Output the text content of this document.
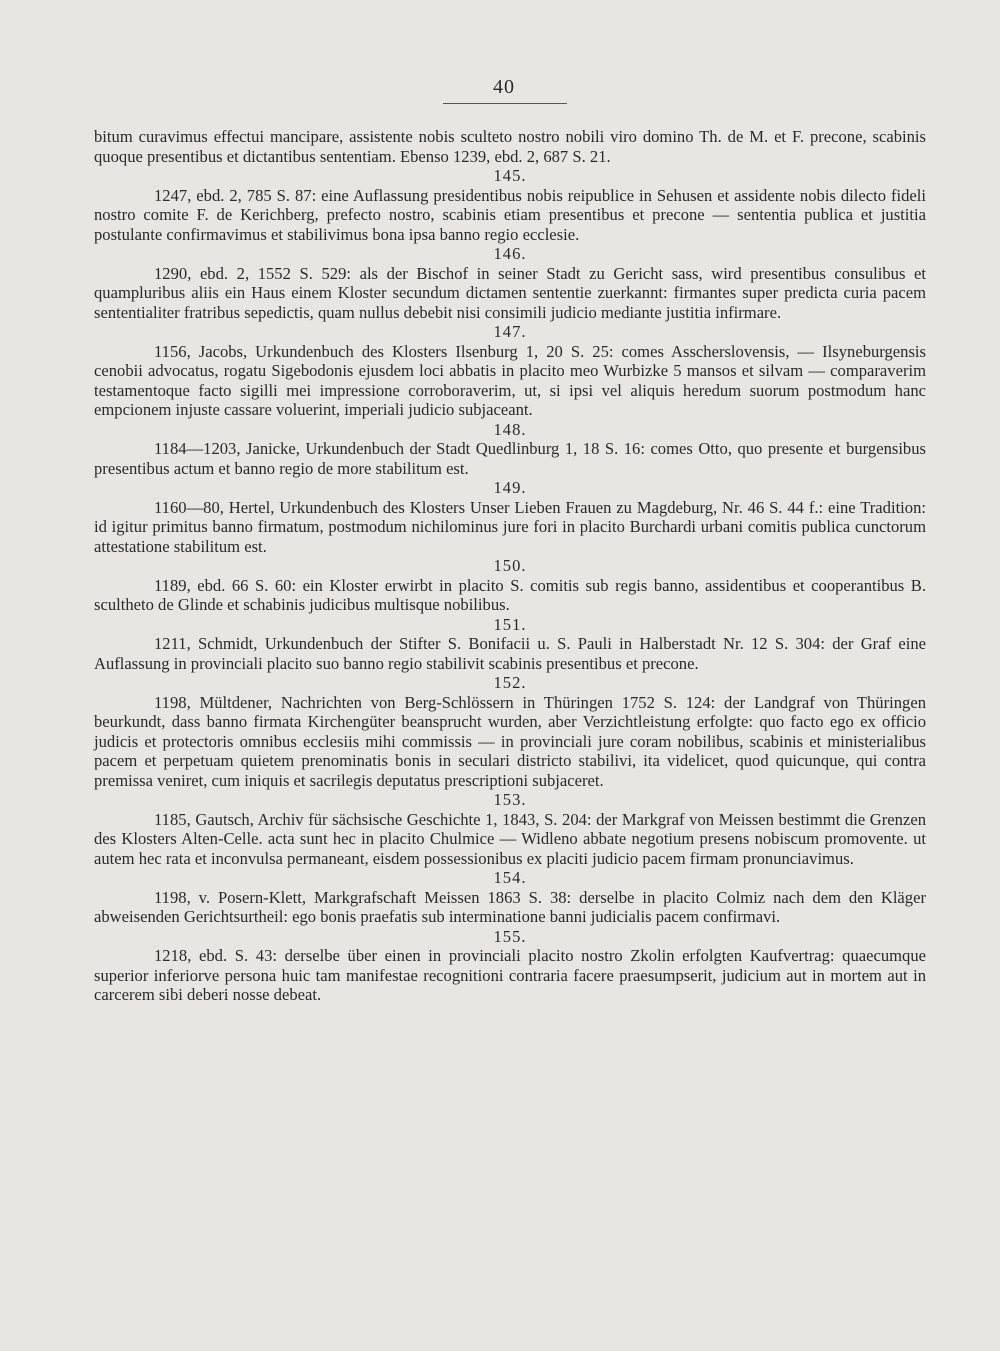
40

bitum curavimus effectui mancipare, assistente nobis sculteto nostro nobili viro domino Th. de M. et F. precone, scabinis quoque presentibus et dictantibus sententiam. Ebenso 1239, ebd. 2, 687 S. 21.

145.

1247, ebd. 2, 785 S. 87: eine Auflassung presidentibus nobis reipublice in Sehusen et assidente nobis dilecto fideli nostro comite F. de Kerichberg, prefecto nostro, scabinis etiam presentibus et precone — sententia publica et justitia postulante confirmavimus et stabilivimus bona ipsa banno regio ecclesie.

146.

1290, ebd. 2, 1552 S. 529: als der Bischof in seiner Stadt zu Gericht sass, wird presentibus consulibus et quampluribus aliis ein Haus einem Kloster secundum dictamen sententie zuerkannt: firmantes super predicta curia pacem sententialiter fratribus sepedictis, quam nullus debebit nisi consimili judicio mediante justitia infirmare.

147.

1156, Jacobs, Urkundenbuch des Klosters Ilsenburg 1, 20 S. 25: comes Asscherslovensis, — Ilsyneburgensis cenobii advocatus, rogatu Sigebodonis ejusdem loci abbatis in placito meo Wurbizke 5 mansos et silvam — comparaverim testamentoque facto sigilli mei impressione corroboraverim, ut, si ipsi vel aliquis heredum suorum postmodum hanc empcionem injuste cassare voluerint, imperiali judicio subjaceant.

148.

1184—1203, Janicke, Urkundenbuch der Stadt Quedlinburg 1, 18 S. 16: comes Otto, quo presente et burgensibus presentibus actum et banno regio de more stabilitum est.

149.

1160—80, Hertel, Urkundenbuch des Klosters Unser Lieben Frauen zu Magdeburg, Nr. 46 S. 44 f.: eine Tradition: id igitur primitus banno firmatum, postmodum nichilominus jure fori in placito Burchardi urbani comitis publica cunctorum attestatione stabilitum est.

150.

1189, ebd. 66 S. 60: ein Kloster erwirbt in placito S. comitis sub regis banno, assidentibus et cooperantibus B. scultheto de Glinde et schabinis judicibus multisque nobilibus.

151.

1211, Schmidt, Urkundenbuch der Stifter S. Bonifacii u. S. Pauli in Halberstadt Nr. 12 S. 304: der Graf eine Auflassung in provinciali placito suo banno regio stabilivit scabinis presentibus et precone.

152.

1198, Mültdener, Nachrichten von Berg-Schlössern in Thüringen 1752 S. 124: der Landgraf von Thüringen beurkundt, dass banno firmata Kirchengüter beansprucht wurden, aber Verzichtleistung erfolgte: quo facto ego ex officio judicis et protectoris omnibus ecclesiis mihi commissis — in provinciali jure coram nobilibus, scabinis et ministerialibus pacem et perpetuam quietem prenominatis bonis in seculari districto stabilivi, ita videlicet, quod quicunque, qui contra premissa veniret, cum iniquis et sacrilegis deputatus prescriptioni subjaceret.

153.

1185, Gautsch, Archiv für sächsische Geschichte 1, 1843, S. 204: der Markgraf von Meissen bestimmt die Grenzen des Klosters Alten-Celle. acta sunt hec in placito Chulmice — Widleno abbate negotium presens nobiscum promovente. ut autem hec rata et inconvulsa permaneant, eisdem possessionibus ex placiti judicio pacem firmam pronunciavimus.

154.

1198, v. Posern-Klett, Markgrafschaft Meissen 1863 S. 38: derselbe in placito Colmiz nach dem den Kläger abweisenden Gerichtsurtheil: ego bonis praefatis sub interminatione banni judicialis pacem confirmavi.

155.

1218, ebd. S. 43: derselbe über einen in provinciali placito nostro Zkolin erfolgten Kaufvertrag: quaecumque superior inferiorve persona huic tam manifestae recognitioni contraria facere praesumpserit, judicium aut in mortem aut in carcerem sibi deberi nosse debeat.
